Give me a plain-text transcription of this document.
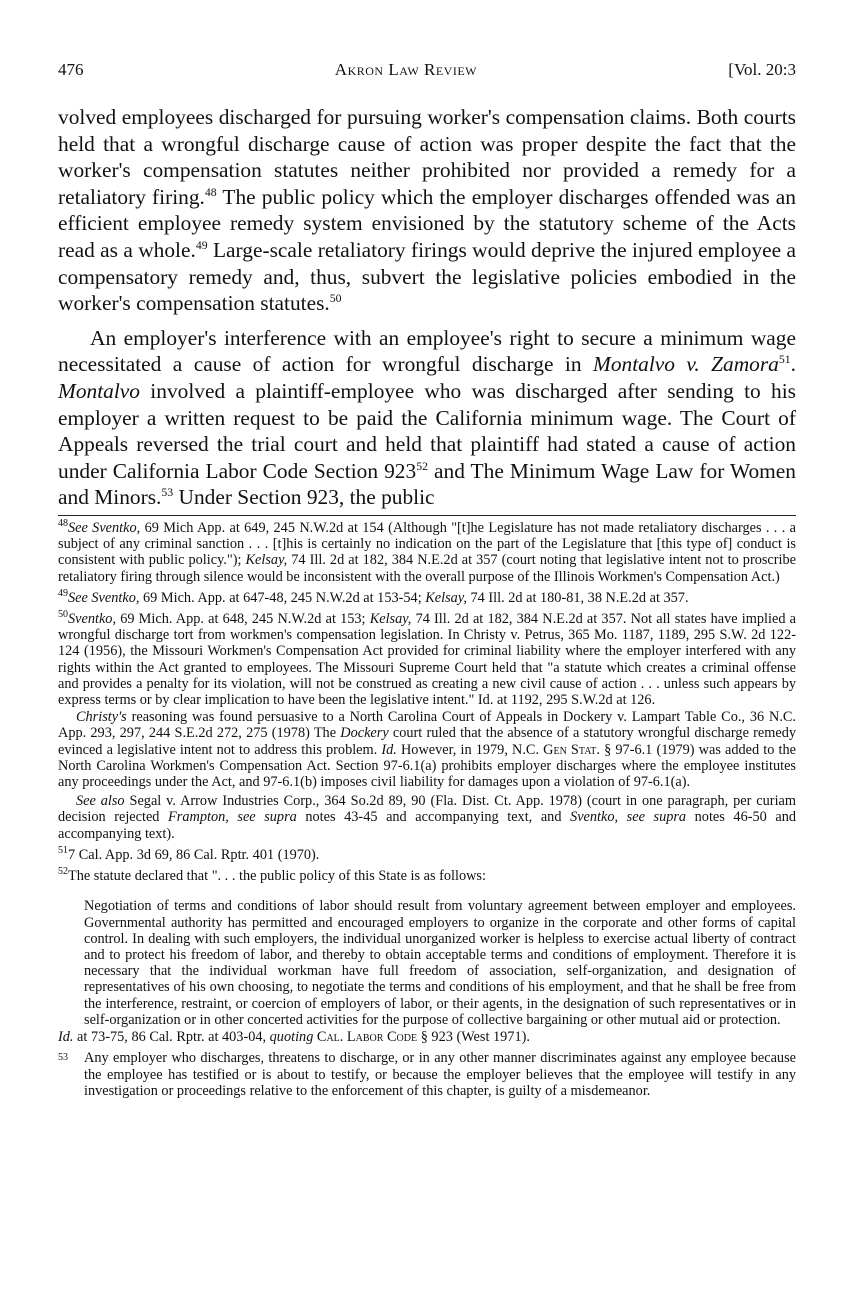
476	Akron Law Review	[Vol. 20:3

volved employees discharged for pursuing worker's compensation claims. Both courts held that a wrongful discharge cause of action was proper despite the fact that the worker's compensation statutes neither prohibited nor provided a remedy for a retaliatory firing.$^{48}$ The public policy which the employer discharges offended was an efficient employee remedy system envisioned by the statutory scheme of the Acts read as a whole.$^{49}$ Large-scale retaliatory firings would deprive the injured employee a compensatory remedy and, thus, subvert the legislative policies embodied in the worker's compensation statutes.$^{50}$

An employer's interference with an employee's right to secure a minimum wage necessitated a cause of action for wrongful discharge in Montalvo v. Zamora$^{51}$. Montalvo involved a plaintiff-employee who was discharged after sending to his employer a written request to be paid the California minimum wage. The Court of Appeals reversed the trial court and held that plaintiff had stated a cause of action under California Labor Code Section $923^{52}$ and The Minimum Wage Law for Women and Minors.$^{53}$ Under Section 923, the public

$^{48}$See Sventko, 69 Mich App. at 649, 245 N.W.2d at 154 (Although "[t]he Legislature has not made retaliatory discharges . . . a subject of any criminal sanction . . . [t]his is certainly no indication on the part of the Legislature that [this type of] conduct is consistent with public policy."); Kelsay, 74 Ill. 2d at 182, 384 N.E.2d at 357 (court noting that legislative intent not to proscribe retaliatory firing through silence would be inconsistent with the overall purpose of the Illinois Workmen's Compensation Act.)

$^{49}$See Sventko, 69 Mich. App. at 647-48, 245 N.W.2d at 153-54; Kelsay, 74 Ill. 2d at 180-81, 38 N.E.2d at 357.

$^{50}$Sventko, 69 Mich. App. at 648, 245 N.W.2d at 153; Kelsay, 74 Ill. 2d at 182, 384 N.E.2d at 357. Not all states have implied a wrongful discharge tort from workmen's compensation legislation. In Christy v. Petrus, 365 Mo. 1187, 1189, 295 S.W. 2d 122-124 (1956), the Missouri Workmen's Compensation Act provided for criminal liability where the employer interfered with any rights within the Act granted to employees. The Missouri Supreme Court held that "a statute which creates a criminal offense and provides a penalty for its violation, will not be construed as creating a new civil cause of action . . . unless such appears by express terms or by clear implication to have been the legislative intent." Id. at 1192, 295 S.W.2d at 126.

Christy's reasoning was found persuasive to a North Carolina Court of Appeals in Dockery v. Lampart Table Co., 36 N.C. App. 293, 297, 244 S.E.2d 272, 275 (1978) The Dockery court ruled that the absence of a statutory wrongful discharge remedy evinced a legislative intent not to address this problem. Id. However, in 1979, N.C. Gen Stat. § 97-6.1 (1979) was added to the North Carolina Workmen's Compensation Act. Section 97-6.1(a) prohibits employer discharges where the employee institutes any proceedings under the Act, and 97-6.1(b) imposes civil liability for damages upon a violation of 97-6.1(a).

See also Segal v. Arrow Industries Corp., 364 So.2d 89, 90 (Fla. Dist. Ct. App. 1978) (court in one paragraph, per curiam decision rejected Frampton, see supra notes 43-45 and accompanying text, and Sventko, see supra notes 46-50 and accompanying text).

$^{51}$7 Cal. App. 3d 69, 86 Cal. Rptr. 401 (1970).

$^{52}$The statute declared that ". . . the public policy of this State is as follows:

Negotiation of terms and conditions of labor should result from voluntary agreement between employer and employees. Governmental authority has permitted and encouraged employers to organize in the corporate and other forms of capital control. In dealing with such employers, the individual unorganized worker is helpless to exercise actual liberty of contract and to protect his freedom of labor, and thereby to obtain acceptable terms and conditions of employment. Therefore it is necessary that the individual workman have full freedom of association, self-organization, and designation of representatives of his own choosing, to negotiate the terms and conditions of his employment, and that he shall be free from the interference, restraint, or coercion of employers of labor, or their agents, in the designation of such representatives or in self-organization or in other concerted activities for the purpose of collective bargaining or other mutual aid or protection.

Id. at 73-75, 86 Cal. Rptr. at 403-04, quoting Cal. Labor Code § 923 (West 1971).

53	Any employer who discharges, threatens to discharge, or in any other manner discriminates against any employee because the employee has testified or is about to testify, or because the employer believes that the employee will testify in any investigation or proceedings relative to the enforcement of this chapter, is guilty of a misdemeanor.
